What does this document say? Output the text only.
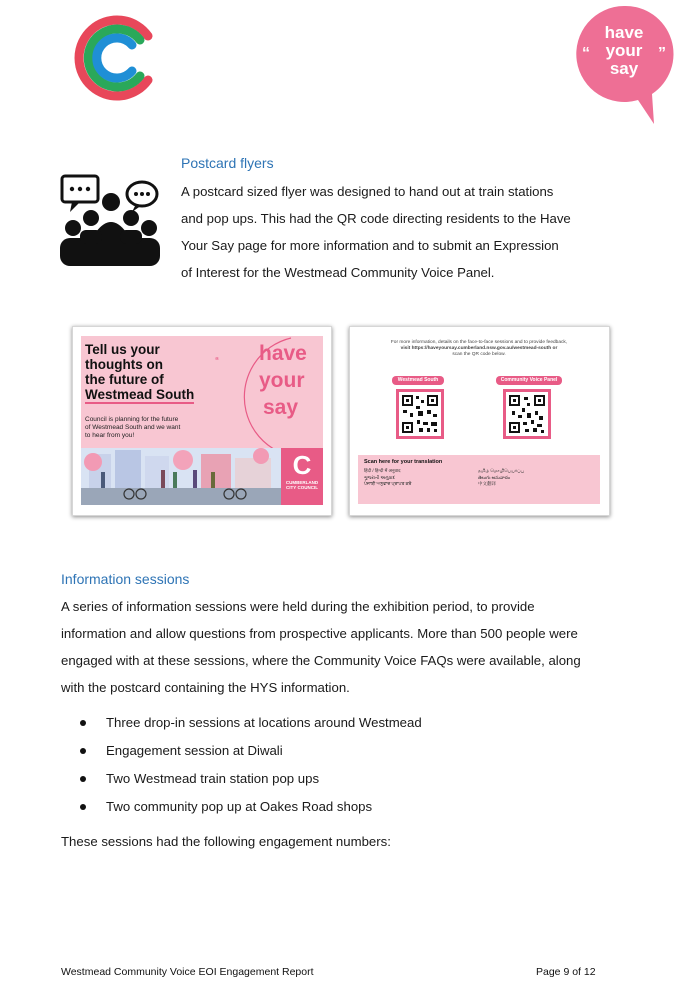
“	”
have
your
say
Postcard flyers
A postcard sized flyer was designed to hand out at train stations
and pop ups. This had the QR code directing residents to the Have
Your Say page for more information and to submit an Expression
of Interest for the Westmead Community Voice Panel.
Tell us your
thoughts on
the future of
Westmead South
Council is planning for the future
of Westmead South and we want
to hear from you!
“ have
your
say
C
CUMBERLAND
CITY COUNCIL
For more information, details on the face-to-face sessions and to provide feedback,
visit https://haveyoursay.cumberland.nsw.gov.au/westmead-south or
scan the QR code below.
Westmead South	Community Voice Panel
Scan here for your translation
हिंदी / हिन्दी में अनुवाद
ગુજરાતી અનુવાદ
ਪੰਜਾਬੀ ਅਨੁਵਾਦ ਪ੍ਰਾਪਤ ਕਰੋ
தமிழ் மொழிபெயர்ப்பு
తెలుగు అనువాదం
中文翻译
Information sessions
A series of information sessions were held during the exhibition period, to provide
information and allow questions from prospective applicants. More than 500 people were
engaged with at these sessions, where the Community Voice FAQs were available, along
with the postcard containing the HYS information.
Three drop-in sessions at locations around Westmead
Engagement session at Diwali
Two Westmead train station pop ups
Two community pop up at Oakes Road shops
These sessions had the following engagement numbers:
Westmead Community Voice EOI Engagement Report	Page 9 of 12
